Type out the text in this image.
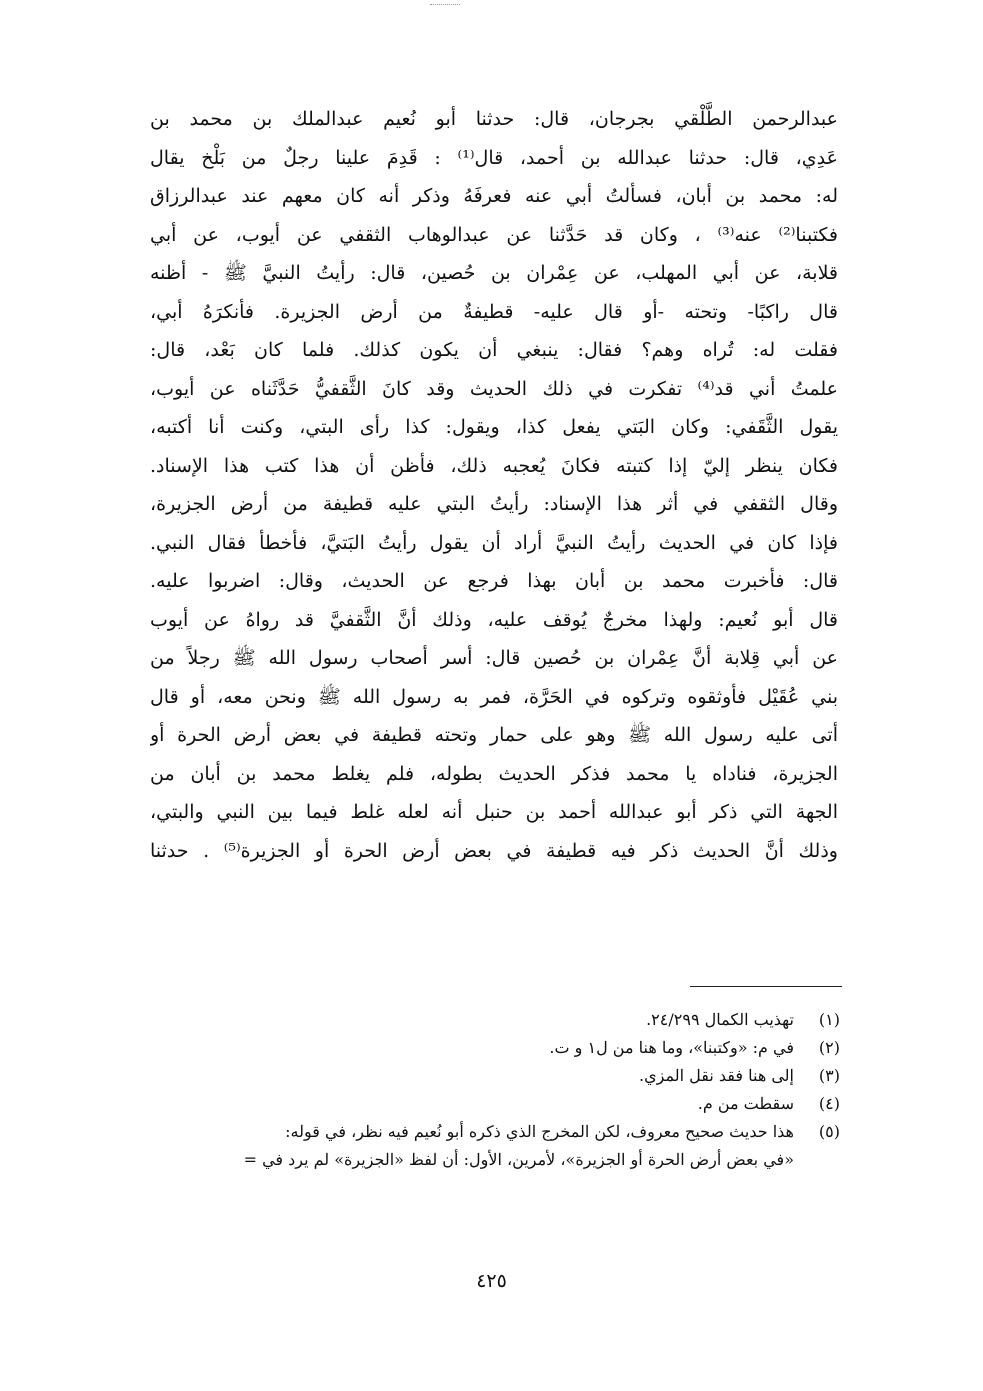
عبدالرحمن الطَّلْقي بجرجان، قال: حدثنا أبو نُعيم عبدالملك بن محمد بن
عَدِي، قال: حدثنا عبدالله بن أحمد، قال⁽¹⁾ : قَدِمَ علينا رجلٌ من بَلْخ يقال
له: محمد بن أبان، فسألتُ أبي عنه فعرفَهُ وذكر أنه كان معهم عند عبدالرزاق
فكتبنا⁽²⁾ عنه⁽³⁾ ، وكان قد حَدَّثنا عن عبدالوهاب الثقفي عن أيوب، عن أبي
قلابة، عن أبي المهلب، عن عِمْران بن حُصين، قال: رأيتُ النبيَّ ﷺ - أظنه
قال راكبًا- وتحته -أو قال عليه- قطيفةٌ من أرض الجزيرة. فأنكرَهُ أبي،
فقلت له: تُراه وهم؟ فقال: ينبغي أن يكون كذلك. فلما كان بَعْد، قال:
علمتُ أني قد⁽⁴⁾ تفكرت في ذلك الحديث وقد كانَ الثَّقفيُّ حَدَّثَناه عن أيوب،
يقول الثَّقَفي: وكان البَتي يفعل كذا، ويقول: كذا رأى البتي، وكنت أنا أكتبه،
فكان ينظر إليّ إذا كتبته فكانَ يُعجبه ذلك، فأظن أن هذا كتب هذا الإسناد.
وقال الثقفي في أثر هذا الإسناد: رأيتُ البتي عليه قطيفة من أرض الجزيرة،
فإذا كان في الحديث رأيتُ النبيَّ أراد أن يقول رأيتُ البَتيَّ، فأخطأ فقال النبي.
قال: فأخبرت محمد بن أبان بهذا فرجع عن الحديث، وقال: اضربوا عليه.
قال أبو نُعيم: ولهذا مخرجٌ يُوقف عليه، وذلك أنَّ الثَّقفيَّ قد رواهُ عن أيوب
عن أبي قِلابة أنَّ عِمْران بن حُصين قال: أسر أصحاب رسول الله ﷺ رجلاً من
بني عُقَيْل فأوثقوه وتركوه في الحَرَّة، فمر به رسول الله ﷺ ونحن معه، أو قال
أتى عليه رسول الله ﷺ وهو على حمار وتحته قطيفة في بعض أرض الحرة أو
الجزيرة، فناداه يا محمد فذكر الحديث بطوله، فلم يغلط محمد بن أبان من
الجهة التي ذكر أبو عبدالله أحمد بن حنبل أنه لعله غلط فيما بين النبي والبتي،
وذلك أنَّ الحديث ذكر فيه قطيفة في بعض أرض الحرة أو الجزيرة⁽⁵⁾ . حدثنا
(١)
تهذيب الكمال ٢٤/٢٩٩.
(٢)
في م: «وكتبنا»، وما هنا من ل١ و ت.
(٣)
إلى هنا فقد نقل المزي.
(٤)
سقطت من م.
(٥)
هذا حديث صحيح معروف، لكن المخرج الذي ذكره أبو نُعيم فيه نظر، في قوله:
«في بعض أرض الحرة أو الجزيرة»، لأمرين، الأول: أن لفظ «الجزيرة» لم يرد في =
٤٢٥
